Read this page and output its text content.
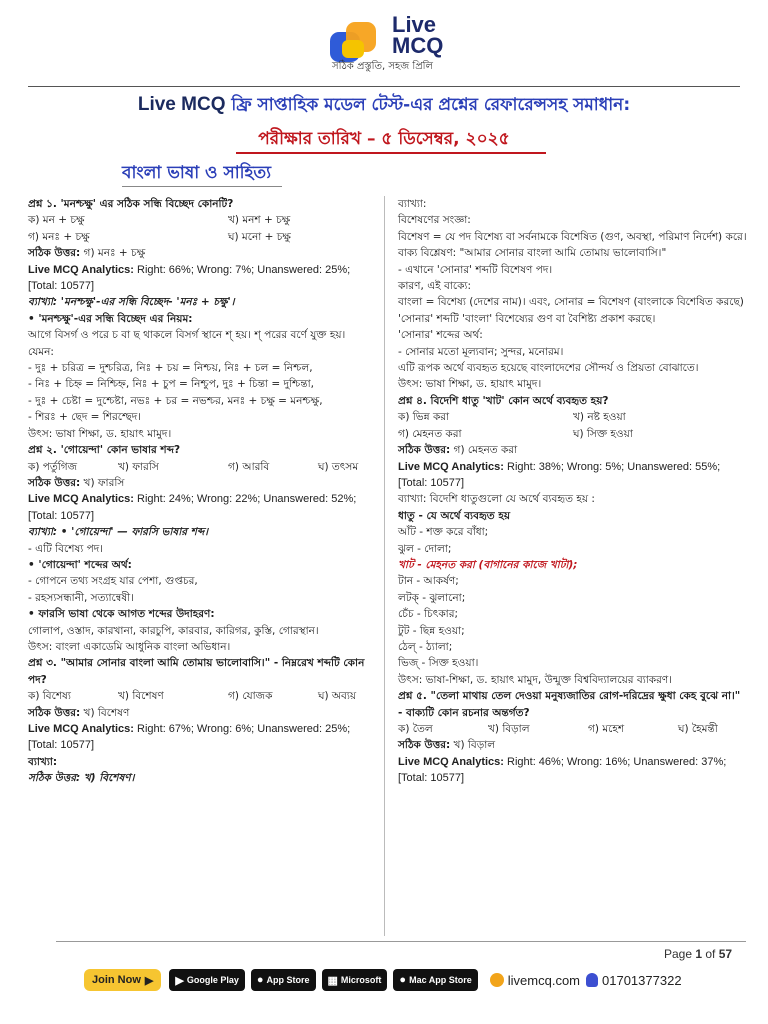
Live
MCQ
সঠিক প্রস্তুতি, সহজ প্রিলি
Live MCQ ফ্রি সাপ্তাহিক মডেল টেস্ট-এর প্রশ্নের রেফারেন্সসহ সমাধান:
পরীক্ষার তারিখ – ৫ ডিসেম্বর, ২০২৫
বাংলা ভাষা ও সাহিত্য

প্রশ্ন ১. 'মনশ্চক্ষু' এর সঠিক সন্ধি বিচ্ছেদ কোনটি?

ক) মন + চক্ষু	খ) মনশ + চক্ষু
গ) মনঃ + চক্ষু	ঘ) মনো + চক্ষু

সঠিক উত্তর: গ) মনঃ + চক্ষু

Live MCQ Analytics: Right: 66%; Wrong: 7%; Unanswered: 25%; [Total: 10577]

ব্যাখ্যা: 'মনশ্চক্ষু'-এর সন্ধি বিচ্ছেদ- 'মনঃ + চক্ষু'।

• 'মনশ্চক্ষু'-এর সন্ধি বিচ্ছেদ এর নিয়ম:

আগে বিসর্গ ও পরে চ বা ছ থাকলে বিসর্গ স্থানে শ্ হয়। শ্ পরের বর্ণে যুক্ত হয়।

যেমন:

- দুঃ + চরিত্র = দুশ্চরিত্র, নিঃ + চয় = নিশ্চয়, নিঃ + চল = নিশ্চল,

- নিঃ + চিহ্ন = নিশ্চিহ্ন, নিঃ + চুপ = নিশ্চুপ, দুঃ + চিন্তা = দুশ্চিন্তা,

- দুঃ + চেষ্টা = দুশ্চেষ্টা, নভঃ + চর = নভশ্চর, মনঃ + চক্ষু = মনশ্চক্ষু,

- শিরঃ + ছেদ = শিরশ্ছেদ।

উৎস: ভাষা শিক্ষা, ড. হায়াৎ মামুদ।

প্রশ্ন ২. 'গোয়েন্দা' কোন ভাষার শব্দ?

ক) পর্তুগিজ	খ) ফারসি	গ) আরবি	ঘ) তৎসম

সঠিক উত্তর: খ) ফারসি

Live MCQ Analytics: Right: 24%; Wrong: 22%; Unanswered: 52%; [Total: 10577]

ব্যাখ্যা: • 'গোয়েন্দা' — ফারসি ভাষার শব্দ।

- এটি বিশেষ্য পদ।

• 'গোয়েন্দা' শব্দের অর্থ:

- গোপনে তথ্য সংগ্রহ যার পেশা, গুপ্তচর,

- রহস্যসন্ধানী, সত্যান্বেষী।

• ফারসি ভাষা থেকে আগত শব্দের উদাহরণ:

গোলাপ, ওস্তাদ, কারখানা, কারচুপি, কারবার, কারিগর, কুস্তি, গোরস্থান।

উৎস: বাংলা একাডেমি আধুনিক বাংলা অভিধান।

প্রশ্ন ৩. "আমার সোনার বাংলা আমি তোমায় ভালোবাসি।" - নিম্নরেখ শব্দটি কোন পদ?

ক) বিশেষ্য	খ) বিশেষণ	গ) যোজক	ঘ) অব্যয়

সঠিক উত্তর: খ) বিশেষণ

Live MCQ Analytics: Right: 67%; Wrong: 6%; Unanswered: 25%; [Total: 10577]

ব্যাখ্যা:

সঠিক উত্তর: খ) বিশেষণ।

ব্যাখ্যা:

বিশেষণের সংজ্ঞা:

বিশেষণ = যে পদ বিশেষ্য বা সর্বনামকে বিশেষিত (গুণ, অবস্থা, পরিমাণ নির্দেশ) করে।

বাক্য বিশ্লেষণ: "আমার সোনার বাংলা আমি তোমায় ভালোবাসি।"

- এখানে 'সোনার' শব্দটি বিশেষণ পদ।

কারণ, এই বাক্যে:

বাংলা = বিশেষ্য (দেশের নাম)। এবং, সোনার = বিশেষণ (বাংলাকে বিশেষিত করছে)

'সোনার' শব্দটি 'বাংলা' বিশেষ্যের গুণ বা বৈশিষ্ট্য প্রকাশ করছে।

'সোনার' শব্দের অর্থ:

- সোনার মতো মূল্যবান; সুন্দর, মনোরম।

এটি রূপক অর্থে ব্যবহৃত হয়েছে বাংলাদেশের সৌন্দর্য ও প্রিয়তা বোঝাতে।

উৎস: ভাষা শিক্ষা, ড. হায়াৎ মামুদ।

প্রশ্ন ৪. বিদেশি ধাতু 'খাট' কোন অর্থে ব্যবহৃত হয়?

ক) ভিন্ন করা	খ) নষ্ট হওয়া
গ) মেহনত করা	ঘ) সিক্ত হওয়া

সঠিক উত্তর: গ) মেহনত করা

Live MCQ Analytics: Right: 38%; Wrong: 5%; Unanswered: 55%; [Total: 10577]

ব্যাখ্যা: বিদেশি ধাতুগুলো যে অর্থে ব্যবহৃত হয় :

ধাতু - যে অর্থে ব্যবহৃত হয়

আঁট - শক্ত করে বাঁধা;

ঝুল - দোলা;

খাট - মেহনত করা (বাগানের কাজে খাটা);

টান - আকর্ষণ;

লটক্ - ঝুলানো;

চেঁচ - চিৎকার;

টুট - ছিন্ন হওয়া;

ঠেল্ - ঠ্যালা;

ভিজ্ - সিক্ত হওয়া।

উৎস: ভাষা-শিক্ষা, ড. হায়াৎ মামুদ, উন্মুক্ত বিশ্ববিদ্যালয়ের ব্যাকরণ।

প্রশ্ন ৫. "তেলা মাথায় তেল দেওয়া মনুষ্যজাতির রোগ-দরিদ্রের ক্ষুধা কেহ বুঝে না।" - বাক্যটি কোন রচনার অন্তর্গত?

ক) তৈল	খ) বিড়াল	গ) মহেশ	ঘ) হৈমন্তী

সঠিক উত্তর: খ) বিড়াল

Live MCQ Analytics: Right: 46%; Wrong: 16%; Unanswered: 37%; [Total: 10577]

Page 1 of 57
Join Now ▶ ▶ Google Play ● App Store ▦ Microsoft ● Mac App Store	livemcq.com 01701377322
